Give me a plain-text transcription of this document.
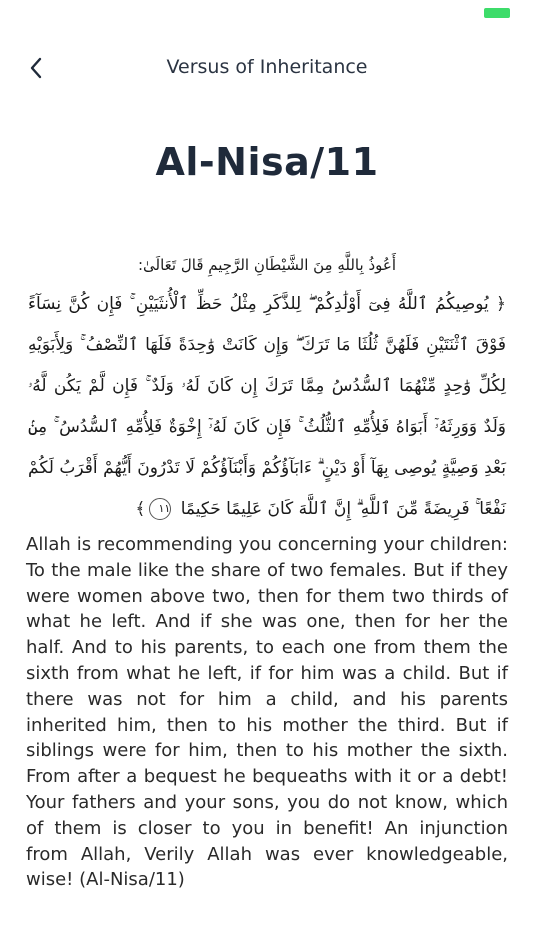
Versus of Inheritance
Al-Nisa/11
أَعُوذُ بِاللَّهِ مِنَ الشَّيْطَانِ الرَّجِيمِ قَالَ تَعَالَىٰ:
﴿ يُوصِيكُمُ ٱللَّهُ فِىٓ أَوْلَٰدِكُمْ ۖ لِلذَّكَرِ مِثْلُ حَظِّ ٱلْأُنثَيَيْنِ ۚ فَإِن كُنَّ نِسَآءً فَوْقَ ٱثْنَتَيْنِ فَلَهُنَّ ثُلُثَا مَا تَرَكَ ۖ وَإِن كَانَتْ وَٰحِدَةً فَلَهَا ٱلنِّصْفُ ۚ وَلِأَبَوَيْهِ لِكُلِّ وَٰحِدٍ مِّنْهُمَا ٱلسُّدُسُ مِمَّا تَرَكَ إِن كَانَ لَهُۥ وَلَدٌ ۚ فَإِن لَّمْ يَكُن لَّهُۥ وَلَدٌ وَوَرِثَهُۥٓ أَبَوَاهُ فَلِأُمِّهِ ٱلثُّلُثُ ۚ فَإِن كَانَ لَهُۥٓ إِخْوَةٌ فَلِأُمِّهِ ٱلسُّدُسُ ۚ مِنۢ بَعْدِ وَصِيَّةٍ يُوصِى بِهَآ أَوْ دَيْنٍ ۗ ءَابَآؤُكُمْ وَأَبْنَآؤُكُمْ لَا تَدْرُونَ أَيُّهُمْ أَقْرَبُ لَكُمْ نَفْعًا ۚ فَرِيضَةً مِّنَ ٱللَّهِ ۗ إِنَّ ٱللَّهَ كَانَ عَلِيمًا حَكِيمًا ١١﴾
Allah is recommending you concerning your children: To the male like the share of two females. But if they were women above two, then for them two thirds of what he left. And if she was one, then for her the half. And to his parents, to each one from them the sixth from what he left, if for him was a child. But if there was not for him a child, and his parents inherited him, then to his mother the third. But if siblings were for him, then to his mother the sixth. From after a bequest he bequeaths with it or a debt! Your fathers and your sons, you do not know, which of them is closer to you in benefit! An injunction from Allah, Verily Allah was ever knowledgeable, wise! (Al-Nisa/11)
